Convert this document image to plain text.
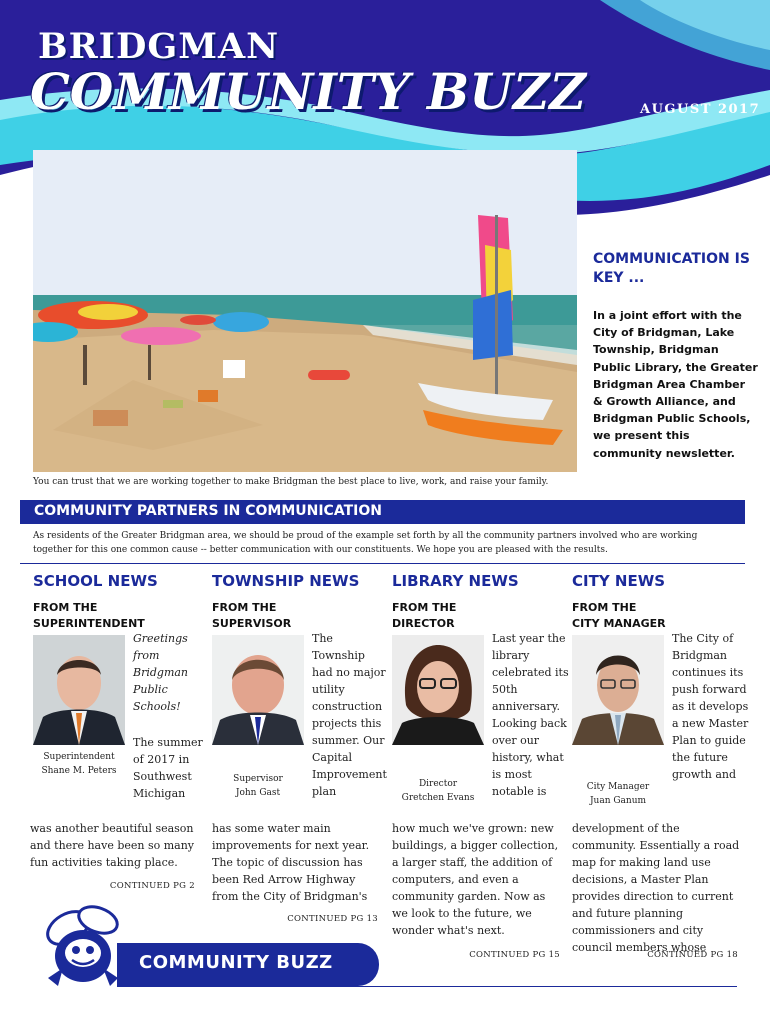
BRIDGMAN
COMMUNITY BUZZ	AUGUST 2017
You can trust that we are working together to make Bridgman the best place to live, work, and raise your family.
COMMUNICATION IS KEY ...
In a joint effort with the City of Bridgman, Lake Township, Bridgman Public Library, the Greater Bridgman Area Chamber & Growth Alliance, and Bridgman Public Schools, we present this community newsletter.
COMMUNITY PARTNERS IN COMMUNICATION
As residents of the Greater Bridgman area, we should be proud of the example set forth by all the community partners involved who are working together for this one common cause -- better communication with our constituents. We hope you are pleased with the results.
SCHOOL NEWS
FROM THE
SUPERINTENDENT
Superintendent
Shane M. Peters
Greetings from Bridgman Public Schools!
The summer of 2017 in Southwest Michigan
was another beautiful season and there have been so many fun activities taking place.
CONTINUED PG 2
TOWNSHIP NEWS
FROM THE
SUPERVISOR
Supervisor
John Gast
The Township had no major utility construction projects this summer. Our Capital Improvement plan
has some water main improvements for next year. The topic of discussion has been Red Arrow Highway from the City of Bridgman's
CONTINUED PG 13
LIBRARY NEWS
FROM THE
DIRECTOR
Director
Gretchen Evans
Last year the library celebrated its 50th anniversary. Looking back over our history, what is most notable is
how much we've grown: new buildings, a bigger collection, a larger staff, the addition of computers, and even a community garden. Now as we look to the future, we wonder what's next.
CONTINUED PG 15
CITY NEWS
FROM THE
CITY MANAGER
City Manager
Juan Ganum
The City of Bridgman continues its push forward as it develops a new Master Plan to guide the future growth and
development of the community. Essentially a road map for making land use decisions, a Master Plan provides direction to current and future planning commissioners and city council members whose
CONTINUED PG 18
COMMUNITY BUZZ
